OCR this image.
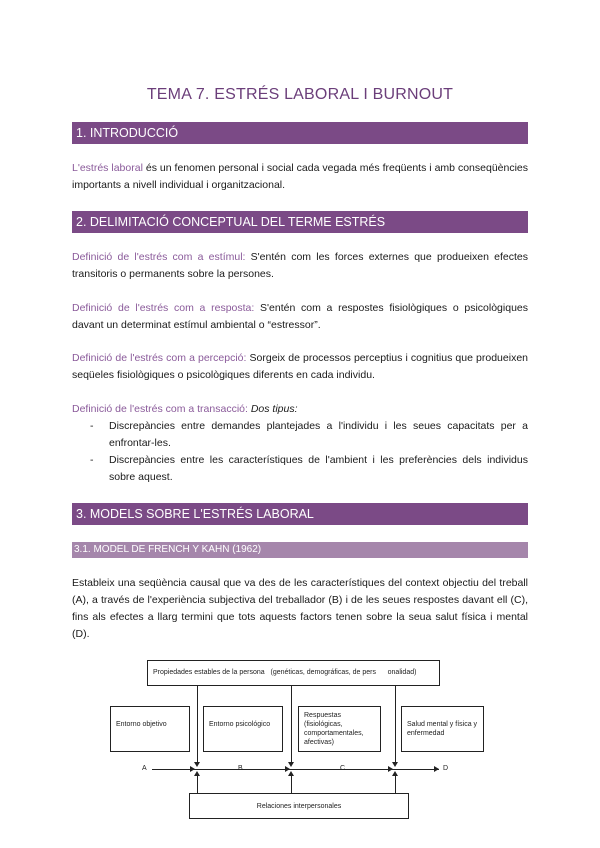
TEMA 7. ESTRÉS LABORAL I BURNOUT
1. INTRODUCCIÓ

L'estrés laboral és un fenomen personal i social cada vegada més freqüents i amb conseqüències importants a nivell individual i organitzacional.

2. DELIMITACIÓ CONCEPTUAL DEL TERME ESTRÉS

Definició de l'estrés com a estímul: S'entén com les forces externes que produeixen efectes transitoris o permanents sobre la persones.

Definició de l'estrés com a resposta: S'entén com a respostes fisiològiques o psicològiques davant un determinat estímul ambiental o “estressor”.

Definició de l'estrés com a percepció: Sorgeix de processos perceptius i cognitius que produeixen seqüeles fisiològiques o psicològiques diferents en cada individu.

Definició de l'estrés com a transacció: Dos tipus:

- Discrepàncies entre demandes plantejades a l'individu i les seues capacitats per a enfrontar-les.
- Discrepàncies entre les característiques de l'ambient i les preferències dels individus sobre aquest.
3. MODELS SOBRE L'ESTRÉS LABORAL
3.1. MODEL DE FRENCH Y KAHN (1962)

Estableix una seqüència causal que va des de les característiques del context objectiu del treball (A), a través de l'experiència subjectiva del treballador (B) i de les seues respostes davant ell (C), fins als efectes a llarg termini que tots aquests factors tenen sobre la seua salut física i mental (D).

Propiedades estables de la persona   (genéticas, demográficas, de pers      onalidad)
Entorno objetivo	Entorno psicológico
Respuestas (fisiológicas, comportamentales, afectivas)
Salud mental y física y enfermedad
A	B	C	D
Relaciones interpersonales
